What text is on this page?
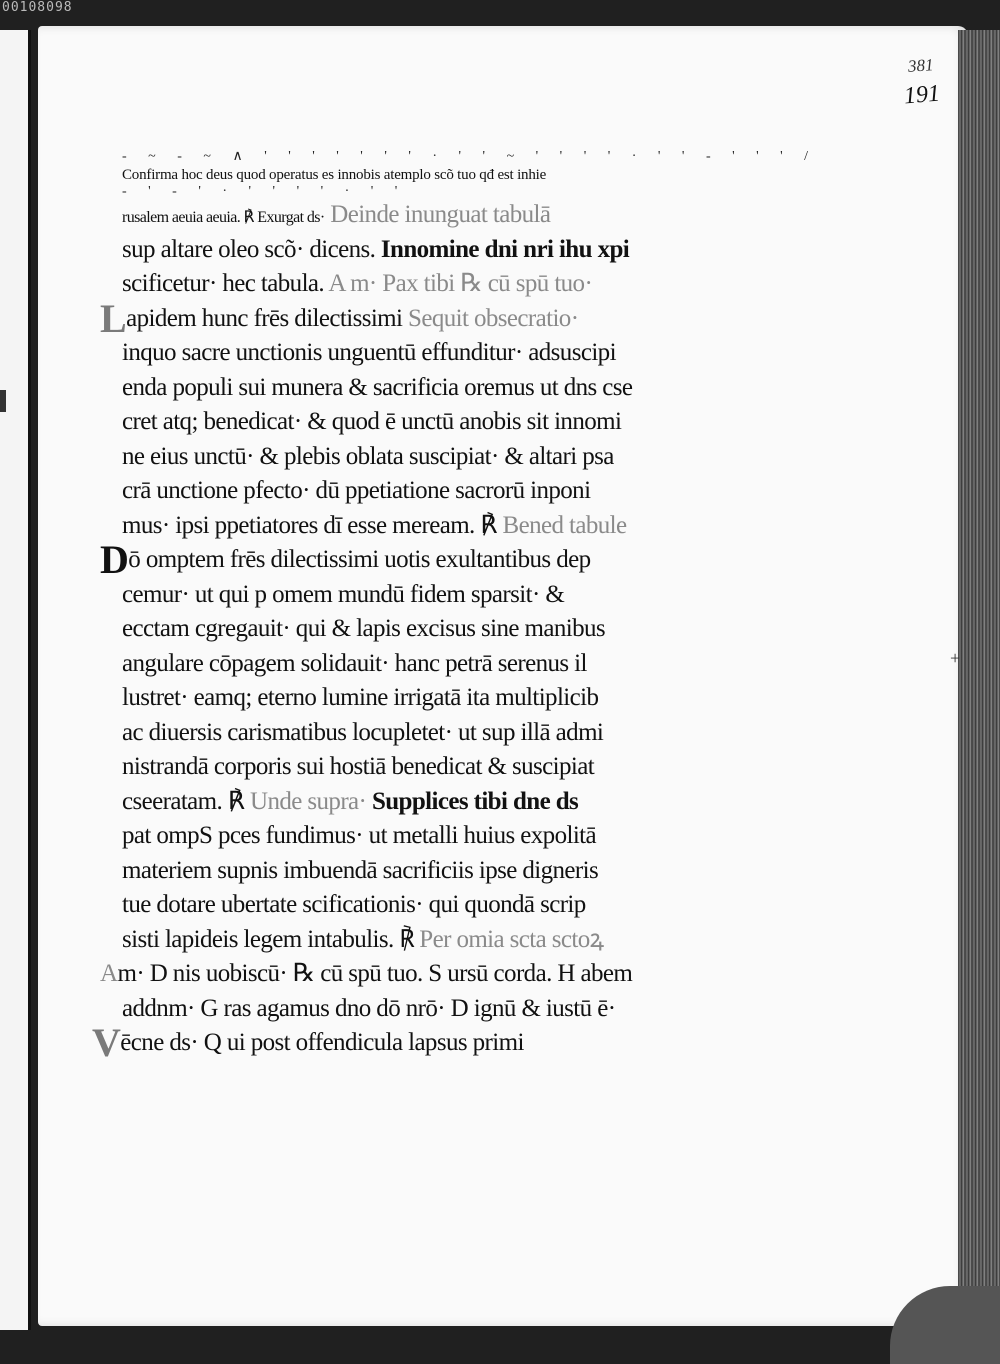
00108098
381
191
+
- ~ - ~ ∧ ' ' ' ' ' ' ' · ' ' ~ ' ' ' ' · ' ' - ' ' ' /
Confirma hoc deus quod operatus es innobis atemplo scõ tuo qđ est inhie
- ' - ' · ' ' ' ' · ' '
rusalem aeuia aeuia. ℟ Exurgat ds· Deinde inunguat tabulā
sup altare oleo scõ· dicens. Innomine dni nri ihu xpi
scificetur· hec tabula. A m· Pax tibi ℞ cū spū tuo·
Lapidem hunc frēs dilectissimi Sequit obsecratio·
inquo sacre unctionis unguentū effunditur· adsuscipi
enda populi sui munera & sacrificia oremus ut dns cse
cret atq; benedicat· & quod ē unctū anobis sit innomi
ne eius unctū· & plebis oblata suscipiat· & altari psa
crā unctione pfecto· dū ppetiatione sacrorū inponi
mus· ipsi ppetiatores dī esse meream. ℟ Bened tabule
Dō omptem frēs dilectissimi uotis exultantibus dep
cemur· ut qui p omem mundū fidem sparsit· &
ecctam cgregauit· qui & lapis excisus sine manibus
angulare cōpagem solidauit· hanc petrā serenus il
lustret· eamq; eterno lumine irrigatā ita multiplicib
ac diuersis carismatibus locupletet· ut sup illā admi
nistrandā corporis sui hostiā benedicat & suscipiat
cseeratam. ℟ Unde supra· Supplices tibi dne ds
pat ompS pces fundimus· ut metalli huius expolitā
materiem supnis imbuendā sacrificiis ipse digneris
tue dotare ubertate scificationis· qui quondā scrip
sisti lapideis legem intabulis. ℟ Per omia scta sctoꝝ
Am· D nis uobiscū· ℞ cū spū tuo. S ursū corda. H abem
addnm· G ras agamus dno dō nrō· D ignū & iustū ē·
Vēcne ds· Q ui post offendicula lapsus primi
